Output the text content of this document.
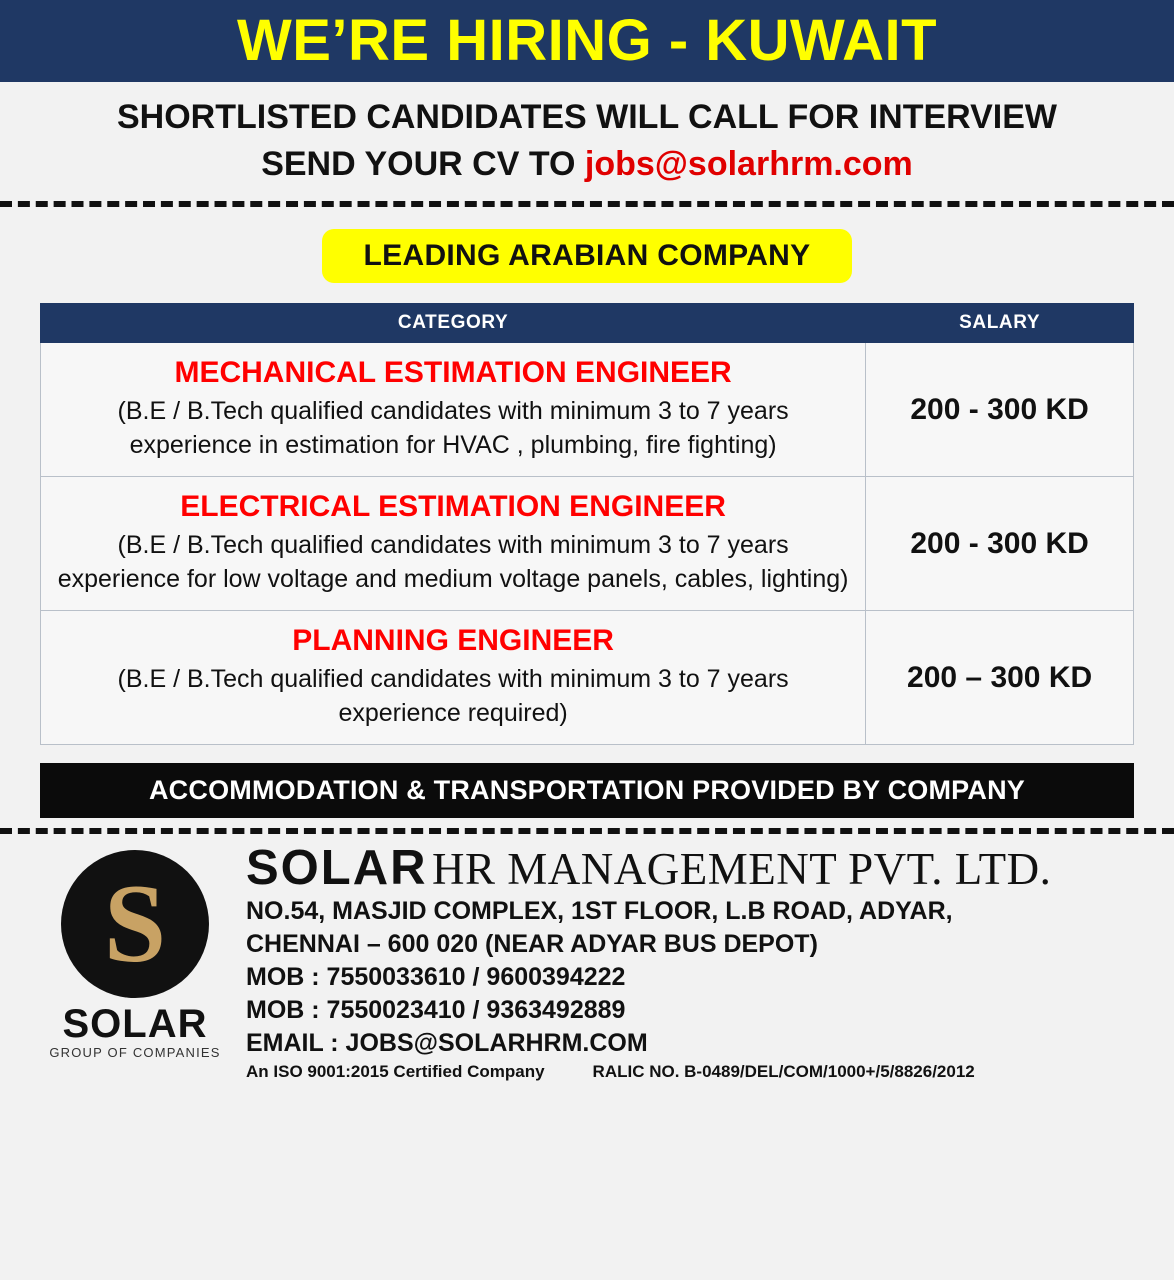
WE’RE HIRING - KUWAIT
SHORTLISTED CANDIDATES WILL CALL FOR INTERVIEW
SEND YOUR CV TO jobs@solarhrm.com
LEADING ARABIAN COMPANY
CATEGORY	SALARY

MECHANICAL ESTIMATION ENGINEER
(B.E / B.Tech qualified candidates with minimum 3 to 7 years experience in estimation for HVAC , plumbing, fire fighting)	200 - 300 KD

ELECTRICAL ESTIMATION ENGINEER
(B.E / B.Tech qualified candidates with minimum 3 to 7 years experience for low voltage and medium voltage panels, cables, lighting)	200 - 300 KD

PLANNING ENGINEER
(B.E / B.Tech qualified candidates with minimum 3 to 7 years experience required)	200 – 300 KD
ACCOMMODATION & TRANSPORTATION PROVIDED BY COMPANY
S
SOLAR
GROUP OF COMPANIES
SOLAR HR MANAGEMENT PVT. LTD.
NO.54, MASJID COMPLEX, 1ST FLOOR, L.B ROAD, ADYAR,
CHENNAI – 600 020 (NEAR ADYAR BUS DEPOT)
MOB : 7550033610 / 9600394222
MOB : 7550023410 / 9363492889
EMAIL : JOBS@SOLARHRM.COM
An ISO 9001:2015 Certified Company	RALIC NO. B-0489/DEL/COM/1000+/5/8826/2012
